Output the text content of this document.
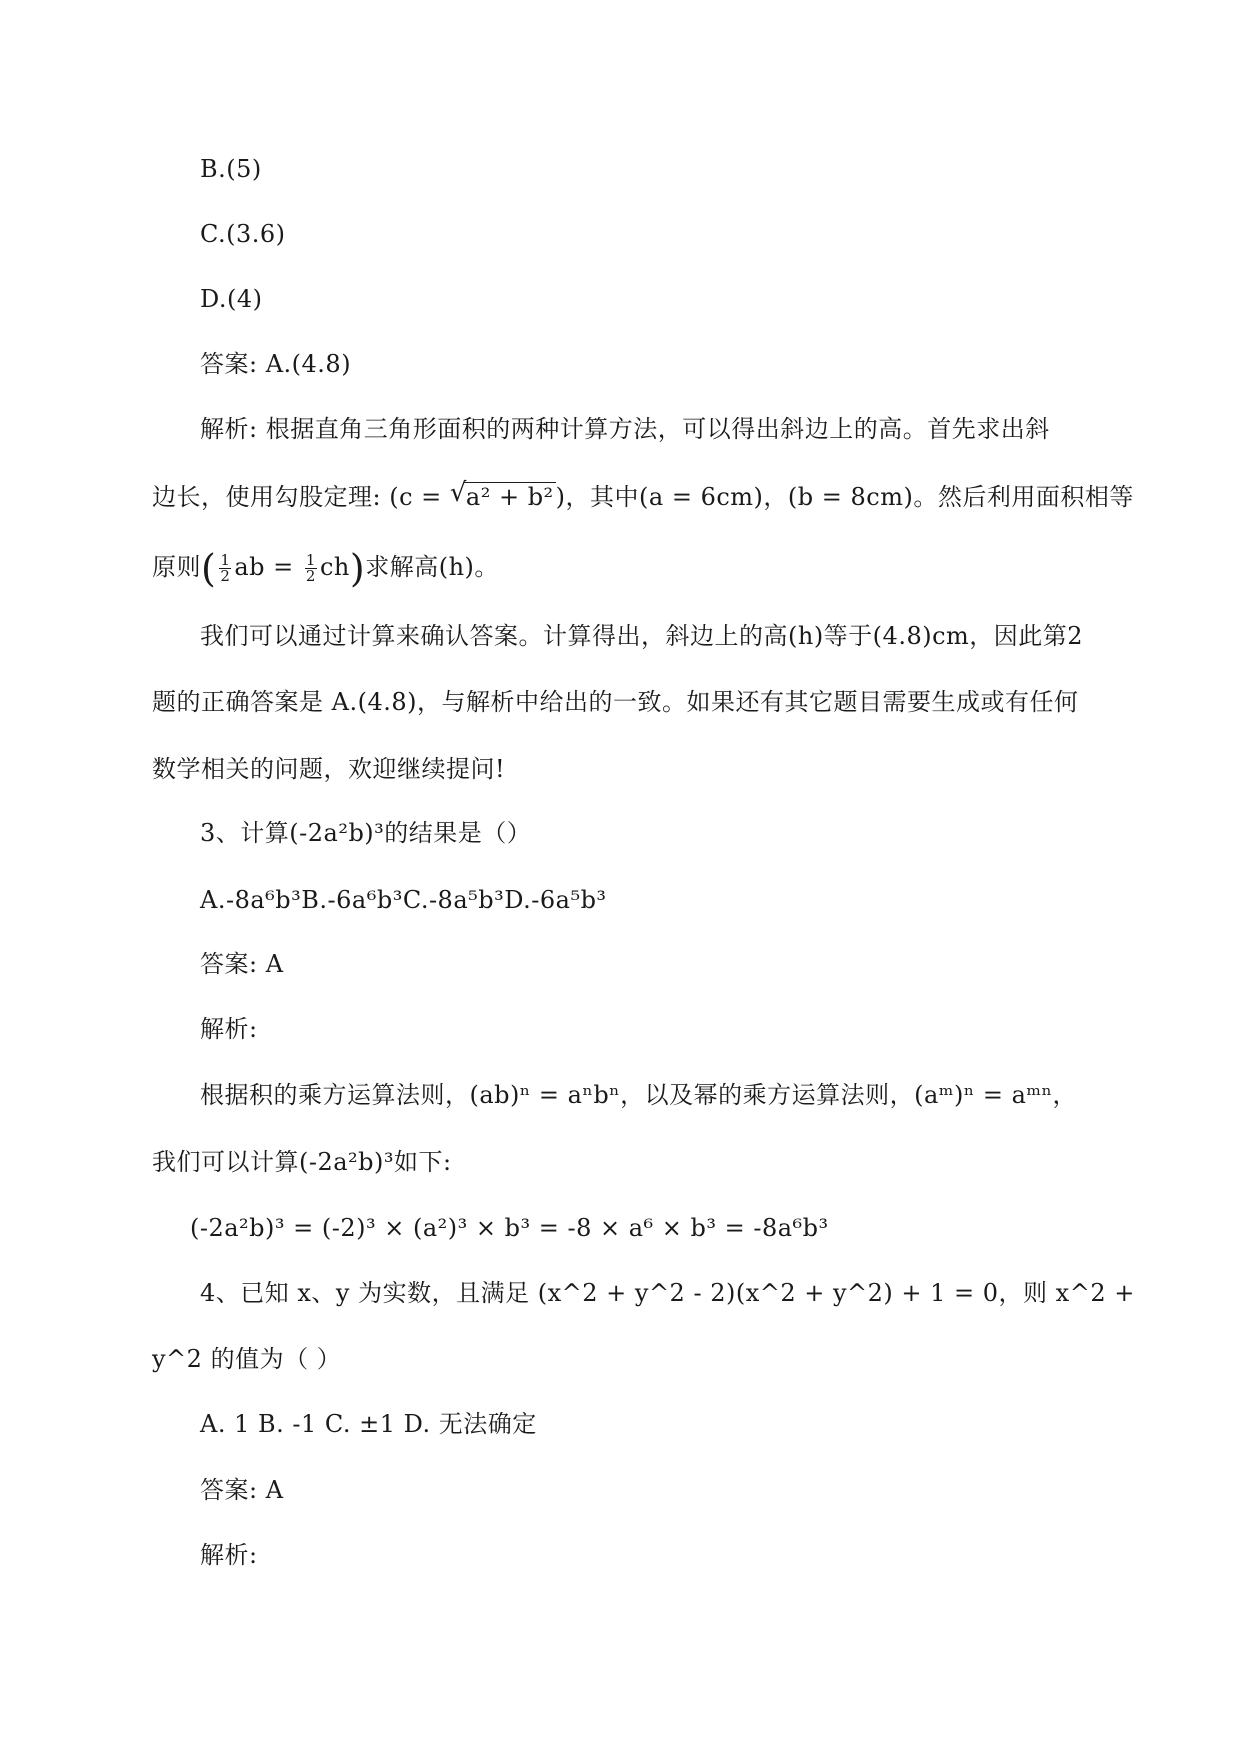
B.(5)
C.(3.6)
D.(4)
答案: A.(4.8)
解析: 根据直角三角形面积的两种计算方法，可以得出斜边上的高。首先求出斜
边长，使用勾股定理: (c = √ a² + b²)，其中(a = 6cm)，(b = 8cm)。然后利用面积相等
原则( $\frac{1}{2}$ ab = $\frac{1}{2} ch$)求解高(h)。
我们可以通过计算来确认答案。计算得出，斜边上的高(h)等于(4.8)cm，因此第2
题的正确答案是 A.(4.8)，与解析中给出的一致。如果还有其它题目需要生成或有任何
数学相关的问题，欢迎继续提问!
3、计算(-2a²b)³的结果是（）
A.-8a⁶b³B.-6a⁶b³C.-8a⁵b³D.-6a⁵b³
答案: A
解析:
根据积的乘方运算法则，(ab)ⁿ = aⁿbⁿ，以及幂的乘方运算法则，(aᵐ)ⁿ = aᵐⁿ，
我们可以计算(-2a²b)³如下:
(-2a²b)³ = (-2)³ × (a²)³ × b³ = -8 × a⁶ × b³ = -8a⁶b³
4、已知 x、y 为实数，且满足 (x^2 + y^2 - 2)(x^2 + y^2) + 1 = 0，则 x^2 +
y^2 的值为（ ）
A. 1 B. -1 C. ±1 D. 无法确定
答案: A
解析:
